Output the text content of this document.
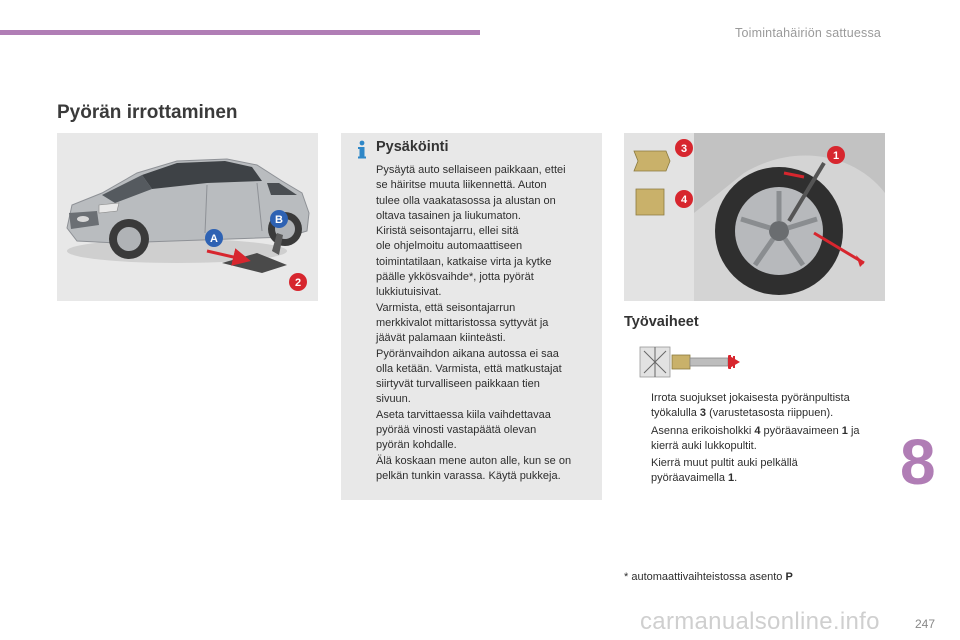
Toimintahäiriön sattuessa
Pyörän irrottaminen
A
B
2
Pysäköinti
Pysäytä auto sellaiseen paikkaan, ettei
se häiritse muuta liikennettä. Auton
tulee olla vaakatasossa ja alustan on
oltava tasainen ja liukumaton.
Kiristä seisontajarru, ellei sitä
ole ohjelmoitu automaattiseen
toimintatilaan, katkaise virta ja kytke
päälle ykkösvaihde*, jotta pyörät
lukkiutuisivat.
Varmista, että seisontajarrun
merkkivalot mittaristossa syttyvät ja
jäävät palamaan kiinteästi.
Pyöränvaihdon aikana autossa ei saa
olla ketään. Varmista, että matkustajat
siirtyvät turvalliseen paikkaan tien
sivuun.
Aseta tarvittaessa kiila vaihdettavaa
pyörää vinosti vastapäätä olevan
pyörän kohdalle.
Älä koskaan mene auton alle, kun se on
pelkän tunkin varassa. Käytä pukkeja.
3
4
1
Työvaiheet
Irrota suojukset jokaisesta pyöränpultista
työkalulla 3 (varustetasosta riippuen).
Asenna erikoisholkki 4 pyöräavaimeen 1 ja
kierrä auki lukkopultit.
Kierrä muut pultit auki pelkällä
pyöräavaimella 1.
* automaattivaihteistossa asento P
8
carmanualsonline.info	247
